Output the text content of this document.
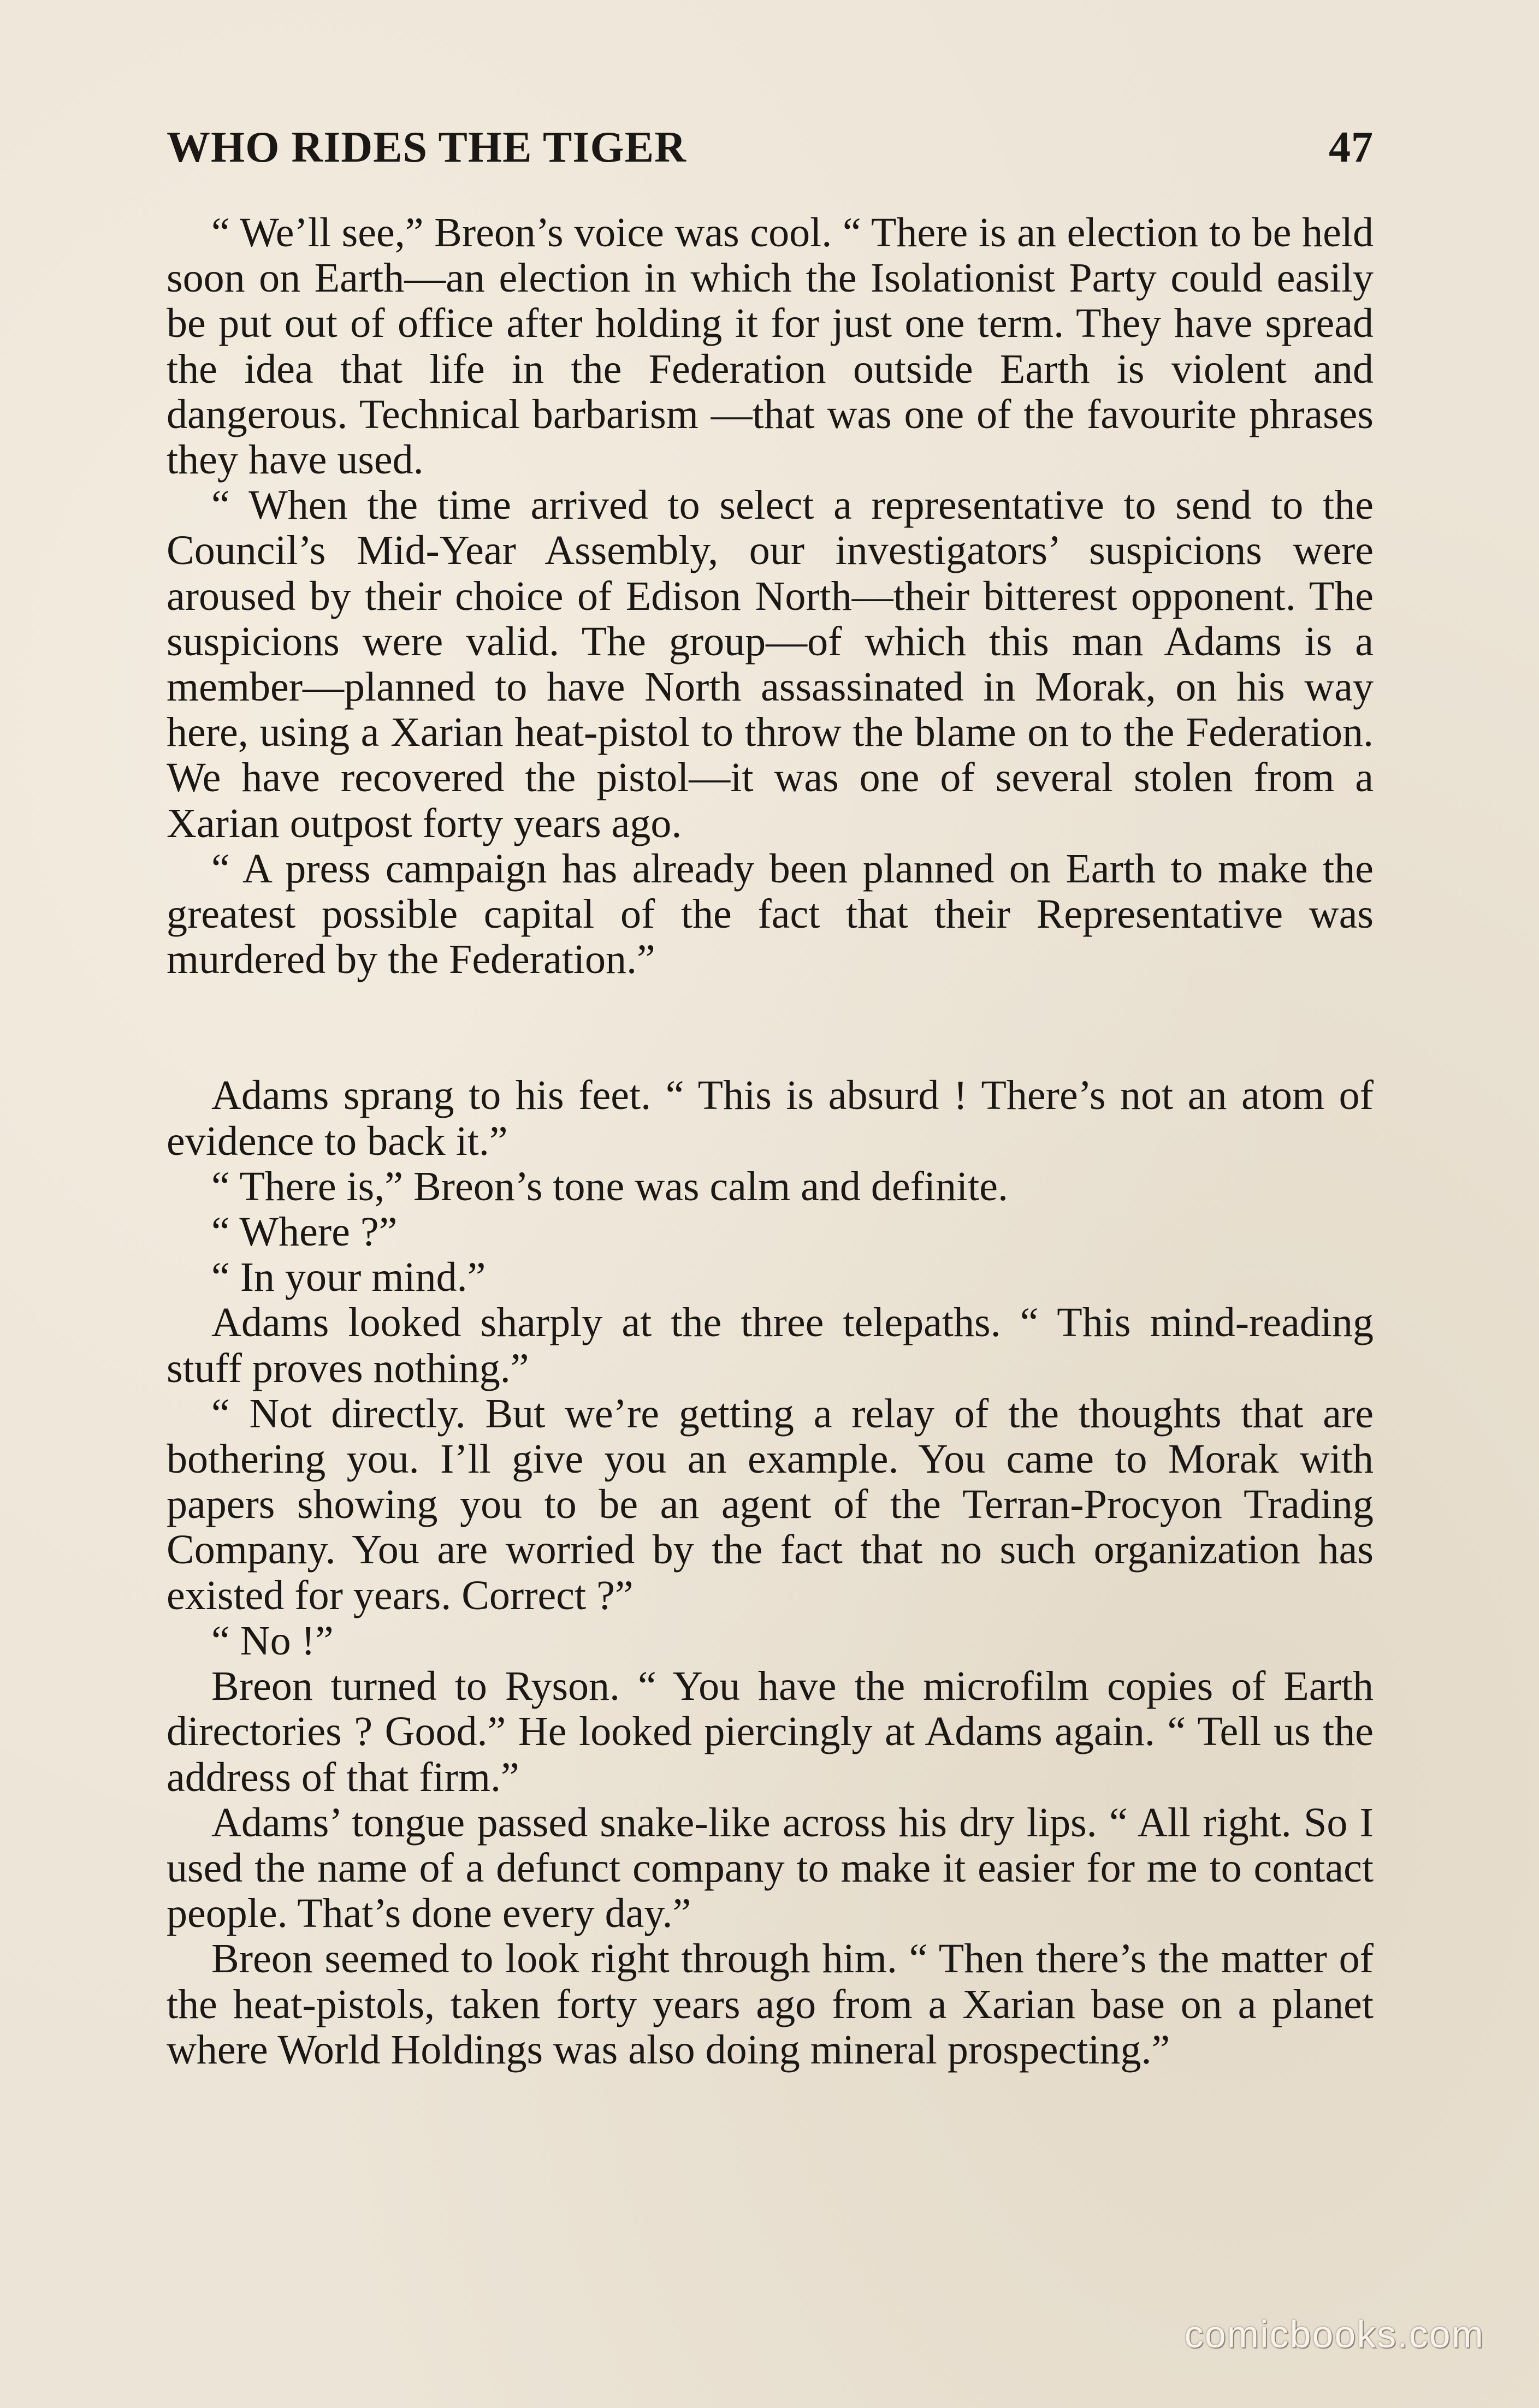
WHO RIDES THE TIGER	47

“ We’ll see,” Breon’s voice was cool. “ There is an election to be held soon on Earth—an election in which the Isolationist Party could easily be put out of office after holding it for just one term. They have spread the idea that life in the Federation outside Earth is violent and dangerous. Technical barbarism —that was one of the favourite phrases they have used.

“ When the time arrived to select a representative to send to the Council’s Mid-Year Assembly, our investigators’ suspicions were aroused by their choice of Edison North—their bitterest opponent. The suspicions were valid. The group—of which this man Adams is a member—planned to have North assassinated in Morak, on his way here, using a Xarian heat-pistol to throw the blame on to the Federation. We have recovered the pistol—it was one of several stolen from a Xarian outpost forty years ago.

“ A press campaign has already been planned on Earth to make the greatest possible capital of the fact that their Representative was murdered by the Federation.”

Adams sprang to his feet. “ This is absurd ! There’s not an atom of evidence to back it.”

“ There is,” Breon’s tone was calm and definite.

“ Where ?”

“ In your mind.”

Adams looked sharply at the three telepaths. “ This mind-reading stuff proves nothing.”

“ Not directly. But we’re getting a relay of the thoughts that are bothering you. I’ll give you an example. You came to Morak with papers showing you to be an agent of the Terran-Procyon Trading Company. You are worried by the fact that no such organization has existed for years. Correct ?”

“ No !”

Breon turned to Ryson. “ You have the microfilm copies of Earth directories ? Good.” He looked piercingly at Adams again. “ Tell us the address of that firm.”

Adams’ tongue passed snake-like across his dry lips. “ All right. So I used the name of a defunct company to make it easier for me to contact people. That’s done every day.”

Breon seemed to look right through him. “ Then there’s the matter of the heat-pistols, taken forty years ago from a Xarian base on a planet where World Holdings was also doing mineral prospecting.”

comicbooks.com
